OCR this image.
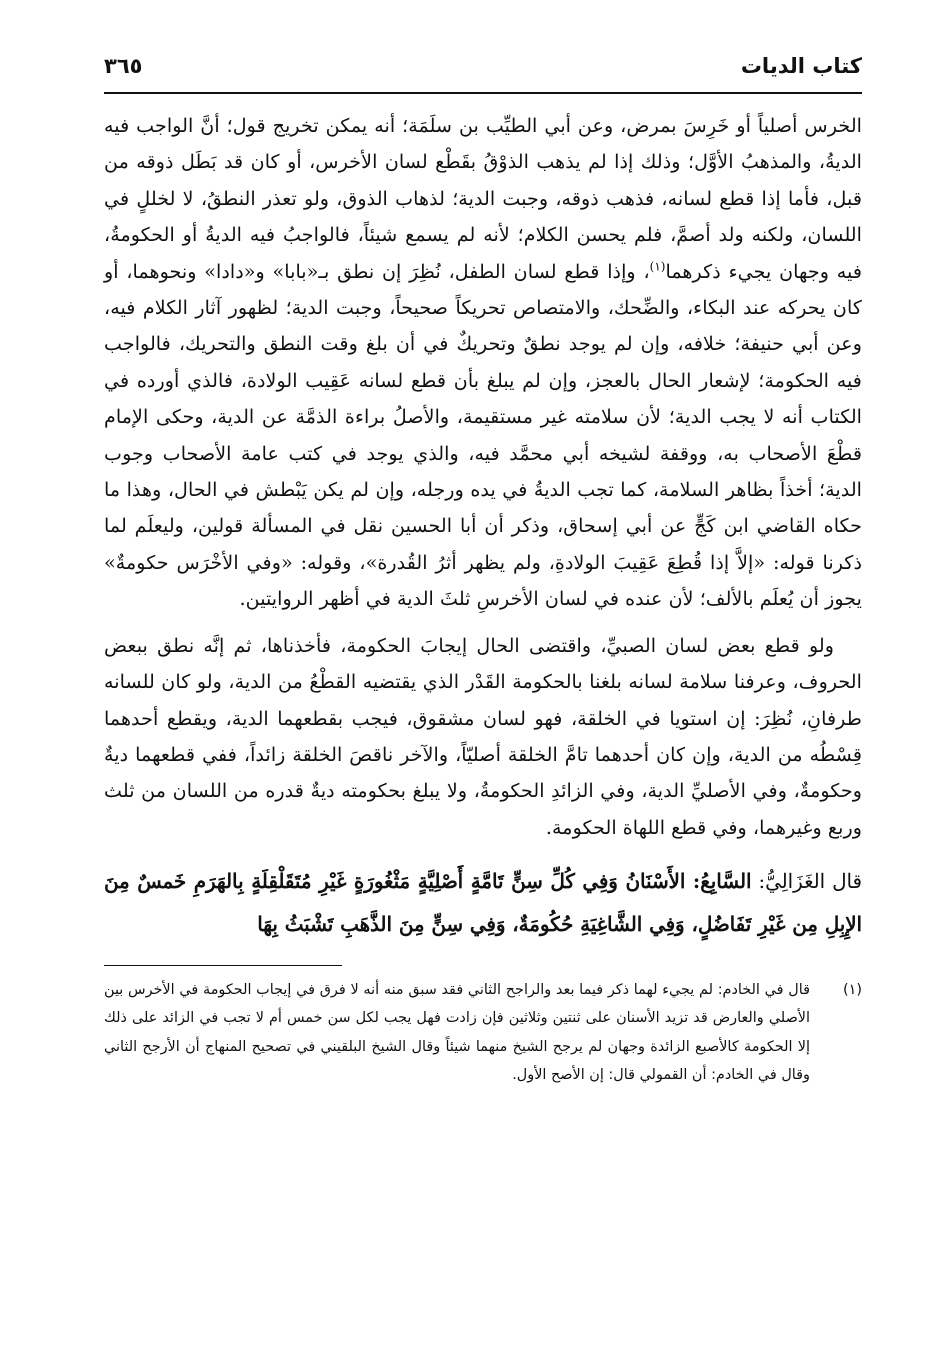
كتاب الديات
٣٦٥

الخرس أصلياً أو خَرِسَ بمرض، وعن أبي الطيِّب بن سلَمَة؛ أنه يمكن تخريج قول؛ أنَّ الواجب فيه الديةُ، والمذهبُ الأوَّل؛ وذلك إذا لم يذهب الذوْقُ بقَطْع لسان الأخرس، أو كان قد بَطَل ذوقه من قبل، فأما إذا قطع لسانه، فذهب ذوقه، وجبت الدية؛ لذهاب الذوق، ولو تعذر النطقُ، لا لخللٍ في اللسان، ولكنه ولد أصمَّ، فلم يحسن الكلام؛ لأنه لم يسمع شيئاً، فالواجبُ فيه الديةُ أو الحكومةُ، فيه وجهان يجيء ذكرهما$^{(١)}$، وإذا قطع لسان الطفل، نُظِرَ إن نطق بـ«بابا» و«دادا» ونحوهما، أو كان يحركه عند البكاء، والضِّحك، والامتصاص تحريكاً صحيحاً، وجبت الدية؛ لظهور آثار الكلام فيه، وعن أبي حنيفة؛ خلافه، وإن لم يوجد نطقٌ وتحريكٌ في أن بلغ وقت النطق والتحريك، فالواجب فيه الحكومة؛ لإشعار الحال بالعجز، وإن لم يبلغ بأن قطع لسانه عَقِيب الولادة، فالذي أورده في الكتاب أنه لا يجب الدية؛ لأن سلامته غير مستقيمة، والأصلُ براءة الذمَّة عن الدية، وحكى الإمام قطْعَ الأصحاب به، ووقفة لشيخه أبي محمَّد فيه، والذي يوجد في كتب عامة الأصحاب وجوب الدية؛ أخذاً بظاهر السلامة، كما تجب الديةُ في يده ورجله، وإن لم يكن يَبْطش في الحال، وهذا ما حكاه القاضي ابن كَجٍّ عن أبي إسحاق، وذكر أن أبا الحسين نقل في المسألة قولين، وليعلَم لما ذكرنا قوله: «إلاَّ إذا قُطِعَ عَقِيبَ الولادةِ، ولم يظهر أثرُ القُدرة»، وقوله: «وفي الأخْرَس حكومةٌ» يجوز أن يُعلَم بالألف؛ لأن عنده في لسان الأخرسِ ثلثَ الدية في أظهر الروايتين.

ولو قطع بعض لسان الصبيِّ، واقتضى الحال إيجابَ الحكومة، فأخذناها، ثم إنَّه نطق ببعض الحروف، وعرفنا سلامة لسانه بلغنا بالحكومة القَدْر الذي يقتضيه القطْعُ من الدية، ولو كان للسانه طرفانِ، نُظِرَ: إن استويا في الخلقة، فهو لسان مشقوق، فيجب بقطعهما الدية، ويقطع أحدهما قِسْطُه من الدية، وإن كان أحدهما تامَّ الخلقة أصليّاً، والآخر ناقصَ الخلقة زائداً، ففي قطعهما ديةٌ وحكومةٌ، وفي الأصليِّ الدية، وفي الزائدِ الحكومةُ، ولا يبلغ بحكومته ديةٌ قدره من اللسان من ثلث وربع وغيرهما، وفي قطع اللهاة الحكومة.

قال الغَزَالِيُّ: السَّابِعُ: الأَسْنَانُ وَفِي كُلِّ سِنٍّ تَامَّةٍ أَصْلِيَّةٍ مَثْغُورَةٍ غَيْرِ مُتَقَلْقِلَةٍ بِالهَرَمِ خَمسٌ مِنَ الإِبِلِ مِن غَيْرِ تَفَاضُلٍ، وَفِي الشَّاغِيَةِ حُكُومَةٌ، وَفِي سِنٍّ مِنَ الذَّهَبِ تَشْبَثُ بِهَا
(١)
قال في الخادم: لم يجيء لهما ذكر فيما بعد والراجح الثاني فقد سبق منه أنه لا فرق في إيجاب الحكومة في الأخرس بين الأصلي والعارض قد تزيد الأسنان على ثنتين وثلاثين فإن زادت فهل يجب لكل سن خمس أم لا تجب في الزائد على ذلك إلا الحكومة كالأصبع الزائدة وجهان لم يرجح الشيخ منهما شيئاً وقال الشيخ البلقيني في تصحيح المنهاج أن الأرجح الثاني وقال في الخادم: أن القمولي قال: إن الأصح الأول.
